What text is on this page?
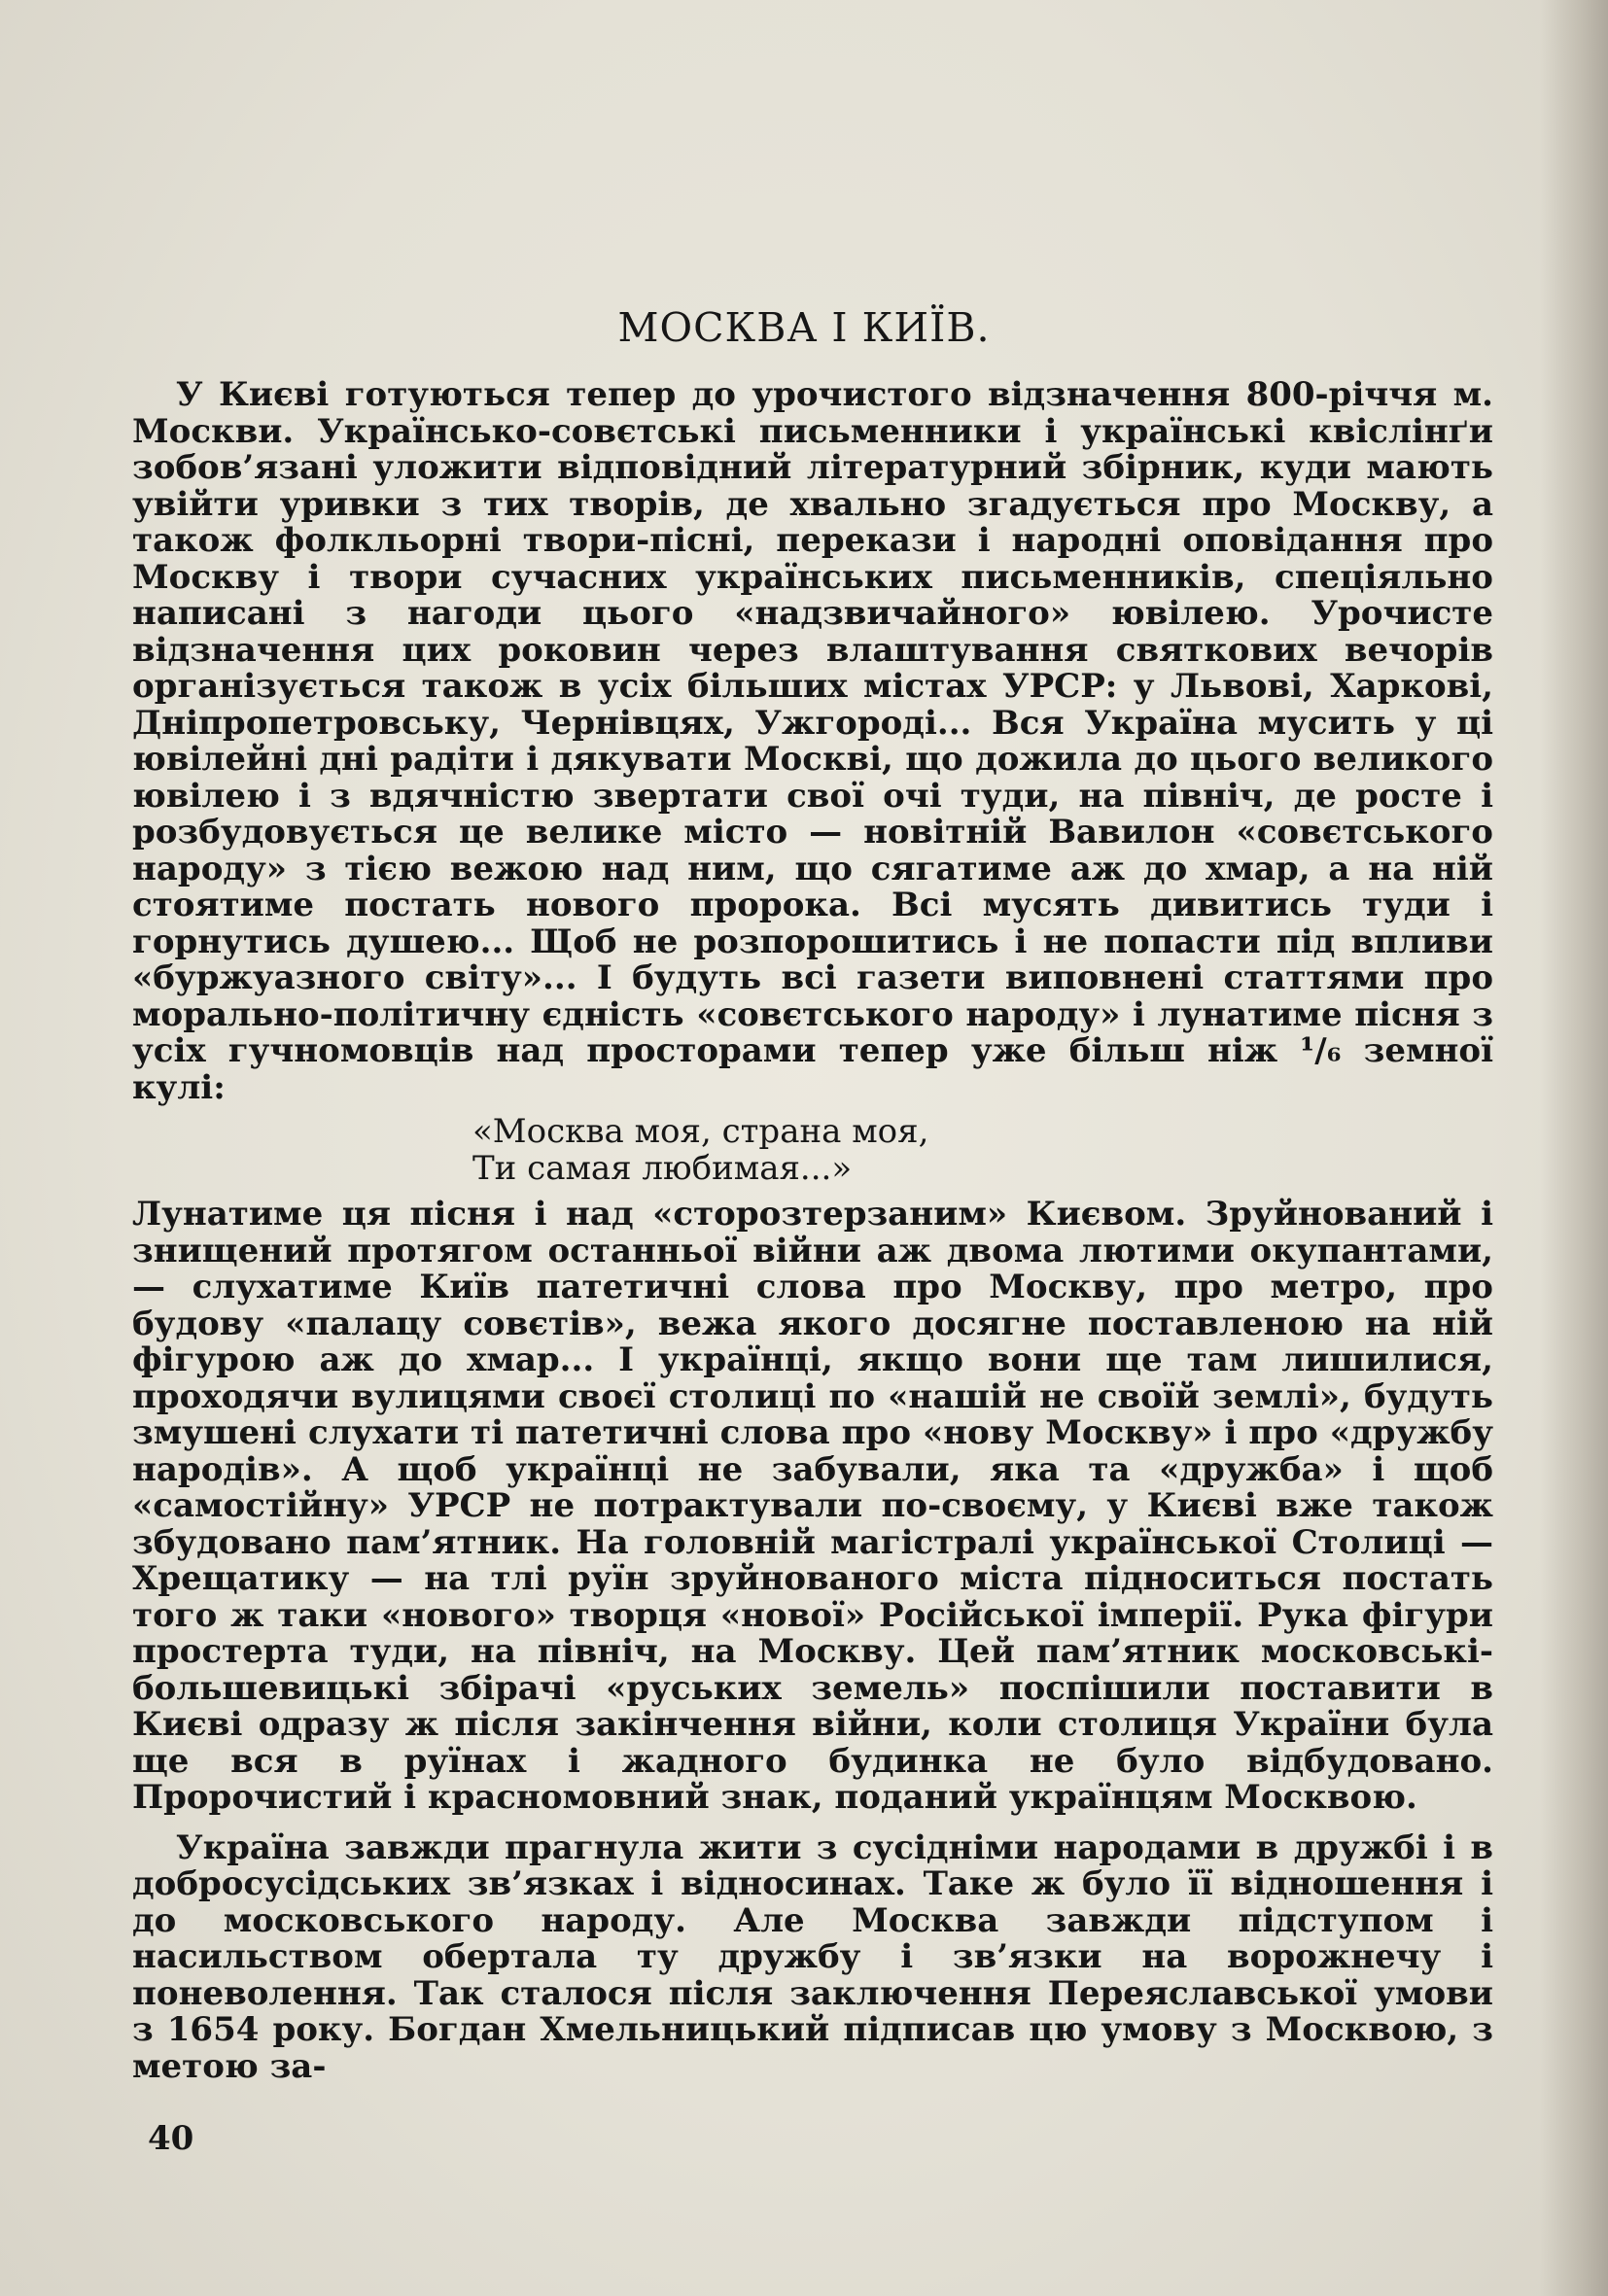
МОСКВА І КИЇВ.

У Києві готуються тепер до урочистого відзначення 800-річчя м. Москви. Українсько-совєтські письменники і українські квіслінґи зобов’язані уложити відповідний літературний збірник, куди мають увійти уривки з тих творів, де хвально згадується про Москву, а також фолкльорні твори-пісні, перекази і народні оповідання про Москву і твори сучасних українських письменників, спеціяльно написані з нагоди цього «надзвичайного» ювілею. Урочисте відзначення цих роковин через влаштування святкових вечорів організується також в усіх більших містах УРСР: у Львові, Харкові, Дніпропетровську, Чернівцях, Ужгороді... Вся Україна мусить у ці ювілейні дні радіти і дякувати Москві, що дожила до цього великого ювілею і з вдячністю звертати свої очі туди, на північ, де росте і розбудовується це велике місто — новітній Вавилон «совєтського народу» з тією вежою над ним, що сягатиме аж до хмар, а на ній стоятиме постать нового пророка. Всі мусять дивитись туди і горнутись душею... Щоб не розпорошитись і не попасти під впливи «буржуазного світу»... І будуть всі газети виповнені статтями про морально-політичну єдність «совєтського народу» і лунатиме пісня з усіх гучномовців над просторами тепер уже більш ніж ¹/₆ земної кулі:

«Москва моя, страна моя,
Ти самая любимая...»

Лунатиме ця пісня і над «сторозтерзаним» Києвом. Зруйнований і знищений протягом останньої війни аж двома лютими окупантами, — слухатиме Київ патетичні слова про Москву, про метро, про будову «палацу совєтів», вежа якого досягне поставленою на ній фігурою аж до хмар... І українці, якщо вони ще там лишилися, проходячи вулицями своєї столиці по «нашій не своїй землі», будуть змушені слухати ті патетичні слова про «нову Москву» і про «дружбу народів». А щоб українці не забували, яка та «дружба» і щоб «самостійну» УРСР не потрактували по-своєму, у Києві вже також збудовано пам’ятник. На головній магістралі української Столиці — Хрещатику — на тлі руїн зруйнованого міста підноситься постать того ж таки «нового» творця «нової» Російської імперії. Рука фігури простерта туди, на північ, на Москву. Цей пам’ятник московські-большевицькі збірачі «руських земель» поспішили поставити в Києві одразу ж після закінчення війни, коли столиця України була ще вся в руїнах і жадного будинка не було відбудовано. Пророчистий і красномовний знак, поданий українцям Москвою.

Україна завжди прагнула жити з сусідніми народами в дружбі і в добросусідських зв’язках і відносинах. Таке ж було її відношення і до московського народу. Але Москва завжди підступом і насильством обертала ту дружбу і зв’язки на ворожнечу і поневолення. Так сталося після заключення Переяславської умови з 1654 року. Богдан Хмельницький підписав цю умову з Москвою, з метою за-

40
